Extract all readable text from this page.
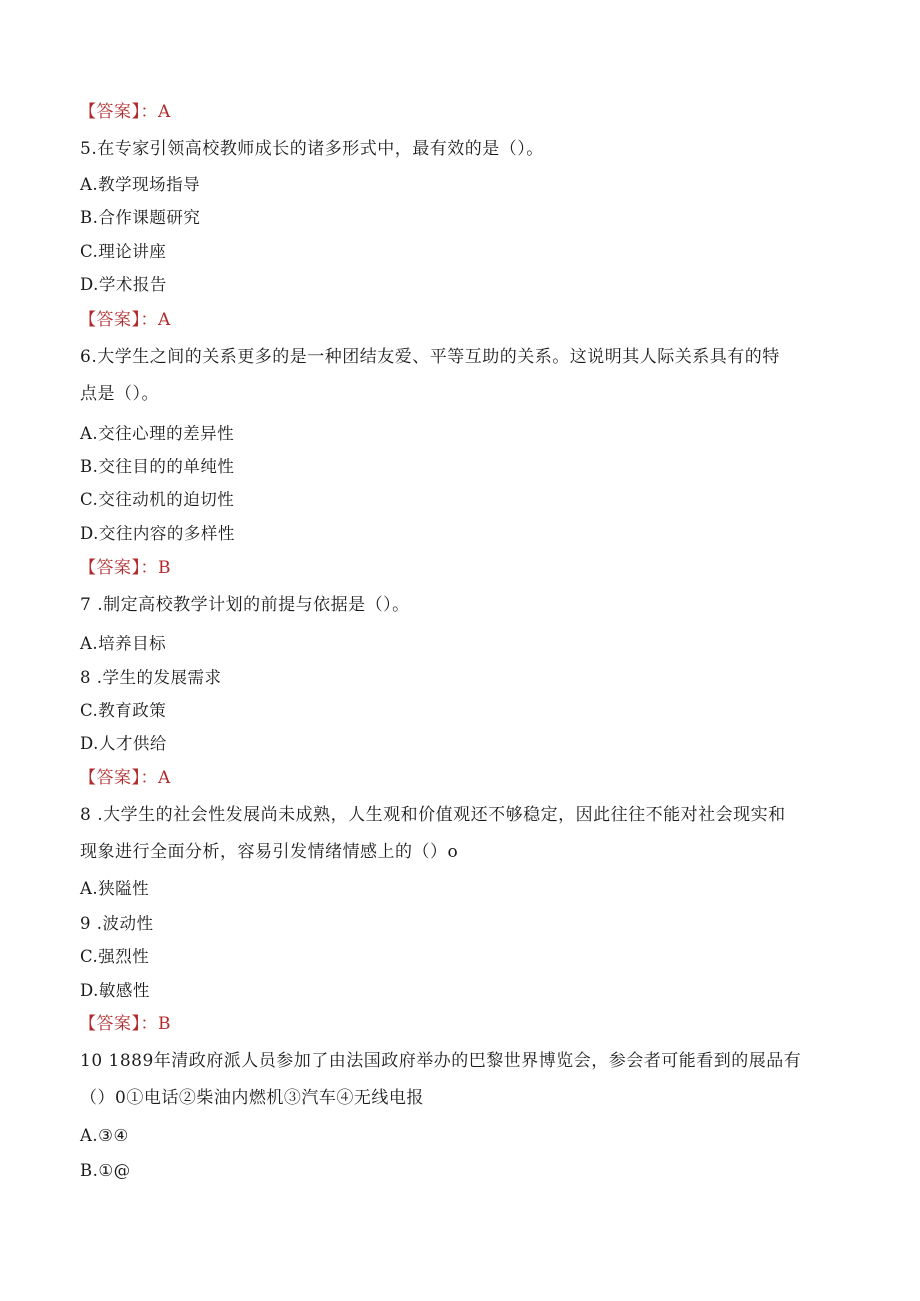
【答案】：A
5.在专家引领高校教师成长的诸多形式中，最有效的是（）。
A.教学现场指导
B.合作课题研究
C.理论讲座
D.学术报告
【答案】：A
6.大学生之间的关系更多的是一种团结友爱、平等互助的关系。这说明其人际关系具有的特
点是（）。
A.交往心理的差异性
B.交往目的的单纯性
C.交往动机的迫切性
D.交往内容的多样性
【答案】：B
7 .制定高校教学计划的前提与依据是（）。
A.培养目标
8 .学生的发展需求
C.教育政策
D.人才供给
【答案】：A
8 .大学生的社会性发展尚未成熟，人生观和价值观还不够稳定，因此往往不能对社会现实和
现象进行全面分析，容易引发情绪情感上的（）o
A.狭隘性
9 .波动性
C.强烈性
D.敏感性
【答案】：B
10 1889年清政府派人员参加了由法国政府举办的巴黎世界博览会，参会者可能看到的展品有
（）0①电话②柴油内燃机③汽车④无线电报
A.③④
B.①@
